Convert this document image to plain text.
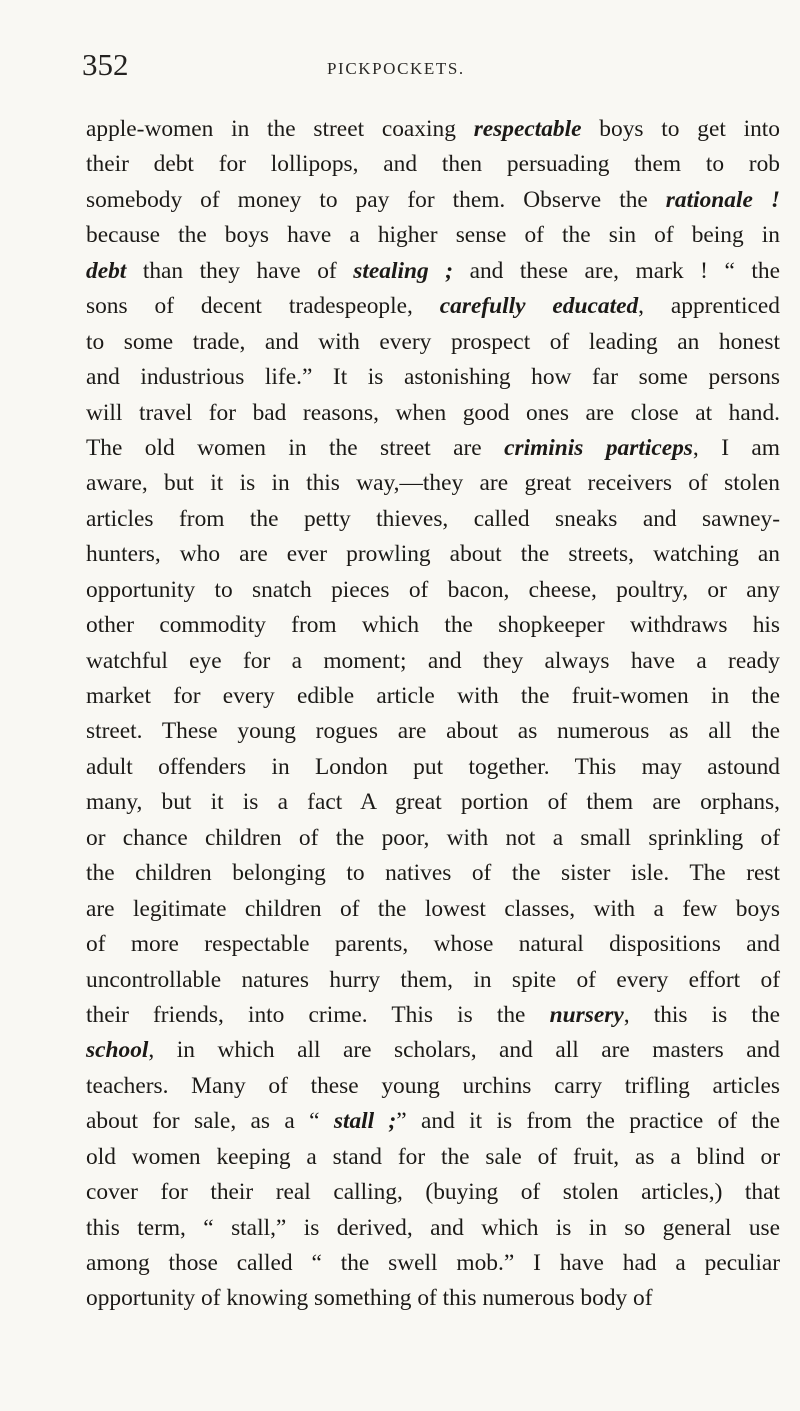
352	PICKPOCKETS.
apple-women in the street coaxing respectable boys to get into
their debt for lollipops, and then persuading them to rob
somebody of money to pay for them. Observe the rationale !
because the boys have a higher sense of the sin of being in
debt than they have of stealing ; and these are, mark ! “ the
sons of decent tradespeople, carefully educated, apprenticed
to some trade, and with every prospect of leading an honest
and industrious life.” It is astonishing how far some persons
will travel for bad reasons, when good ones are close at hand.
The old women in the street are criminis particeps, I am
aware, but it is in this way,—they are great receivers of stolen
articles from the petty thieves, called sneaks and sawney-
hunters, who are ever prowling about the streets, watching an
opportunity to snatch pieces of bacon, cheese, poultry, or any
other commodity from which the shopkeeper withdraws his
watchful eye for a moment; and they always have a ready
market for every edible article with the fruit-women in the
street. These young rogues are about as numerous as all the
adult offenders in London put together. This may astound
many, but it is a fact A great portion of them are orphans,
or chance children of the poor, with not a small sprinkling of
the children belonging to natives of the sister isle. The rest
are legitimate children of the lowest classes, with a few boys
of more respectable parents, whose natural dispositions and
uncontrollable natures hurry them, in spite of every effort of
their friends, into crime. This is the nursery, this is the
school, in which all are scholars, and all are masters and
teachers. Many of these young urchins carry trifling articles
about for sale, as a “ stall ;” and it is from the practice of the
old women keeping a stand for the sale of fruit, as a blind or
cover for their real calling, (buying of stolen articles,) that
this term, “ stall,” is derived, and which is in so general use
among those called “ the swell mob.” I have had a peculiar
opportunity of knowing something of this numerous body of
